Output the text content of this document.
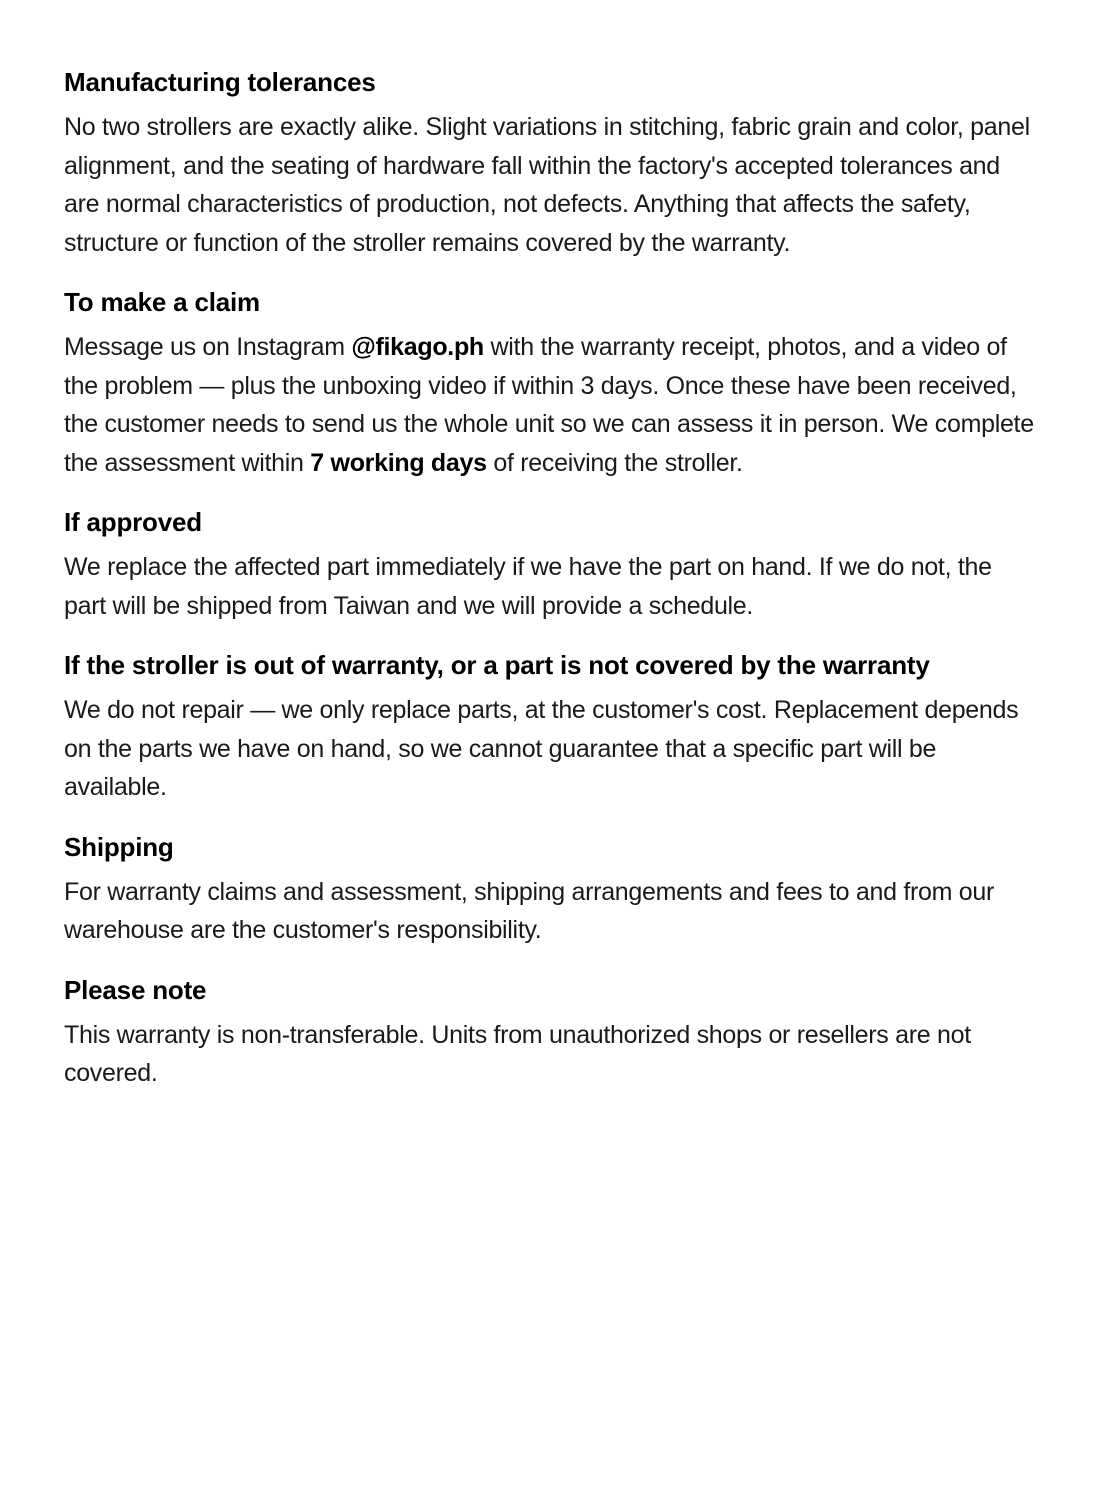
Manufacturing tolerances

No two strollers are exactly alike. Slight variations in stitching, fabric grain and color, panel alignment, and the seating of hardware fall within the factory's accepted tolerances and are normal characteristics of production, not defects. Anything that affects the safety, structure or function of the stroller remains covered by the warranty.

To make a claim

Message us on Instagram @fikago.ph with the warranty receipt, photos, and a video of the problem — plus the unboxing video if within 3 days. Once these have been received, the customer needs to send us the whole unit so we can assess it in person. We complete the assessment within 7 working days of receiving the stroller.

If approved

We replace the affected part immediately if we have the part on hand. If we do not, the part will be shipped from Taiwan and we will provide a schedule.

If the stroller is out of warranty, or a part is not covered by the warranty

We do not repair — we only replace parts, at the customer's cost. Replacement depends on the parts we have on hand, so we cannot guarantee that a specific part will be available.

Shipping

For warranty claims and assessment, shipping arrangements and fees to and from our warehouse are the customer's responsibility.

Please note

This warranty is non-transferable. Units from unauthorized shops or resellers are not covered.
